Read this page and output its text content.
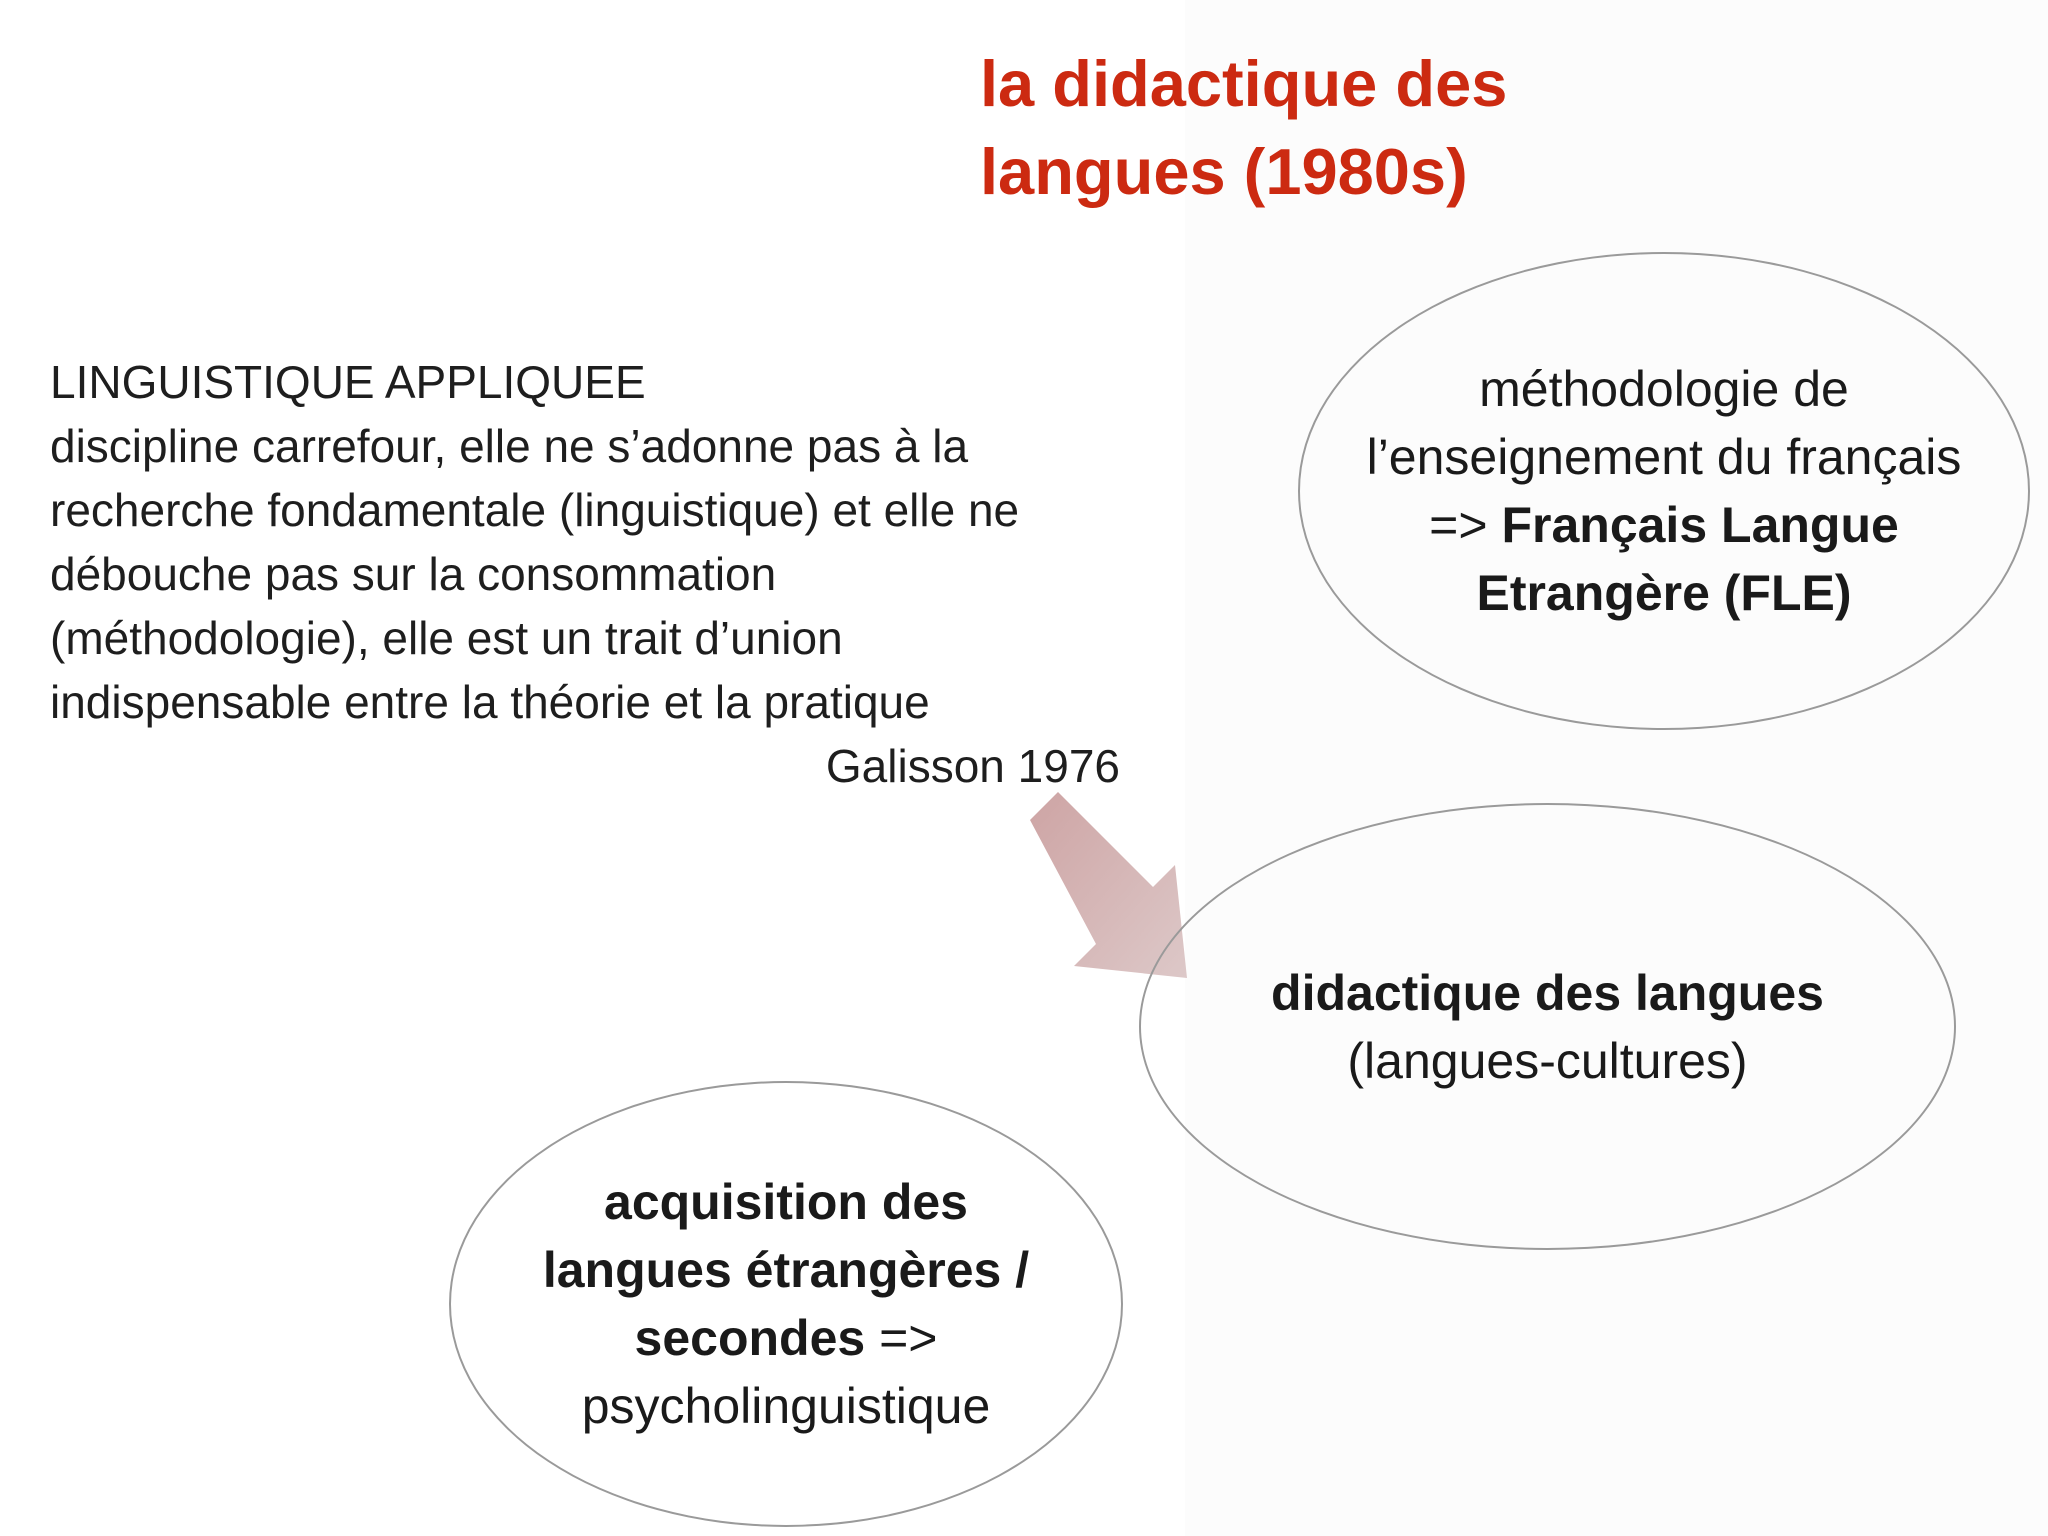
la didactique des
langues (1980s)
LINGUISTIQUE APPLIQUEE
discipline carrefour, elle ne s’adonne pas à la
recherche fondamentale (linguistique) et elle ne
débouche pas sur la consommation
(méthodologie), elle est un trait d’union
indispensable entre la théorie et la pratique
Galisson 1976
méthodologie de
l’enseignement du français
=> Français Langue
Etrangère (FLE)
didactique des langues
(langues-cultures)
acquisition des
langues étrangères /
secondes =>
psycholinguistique
